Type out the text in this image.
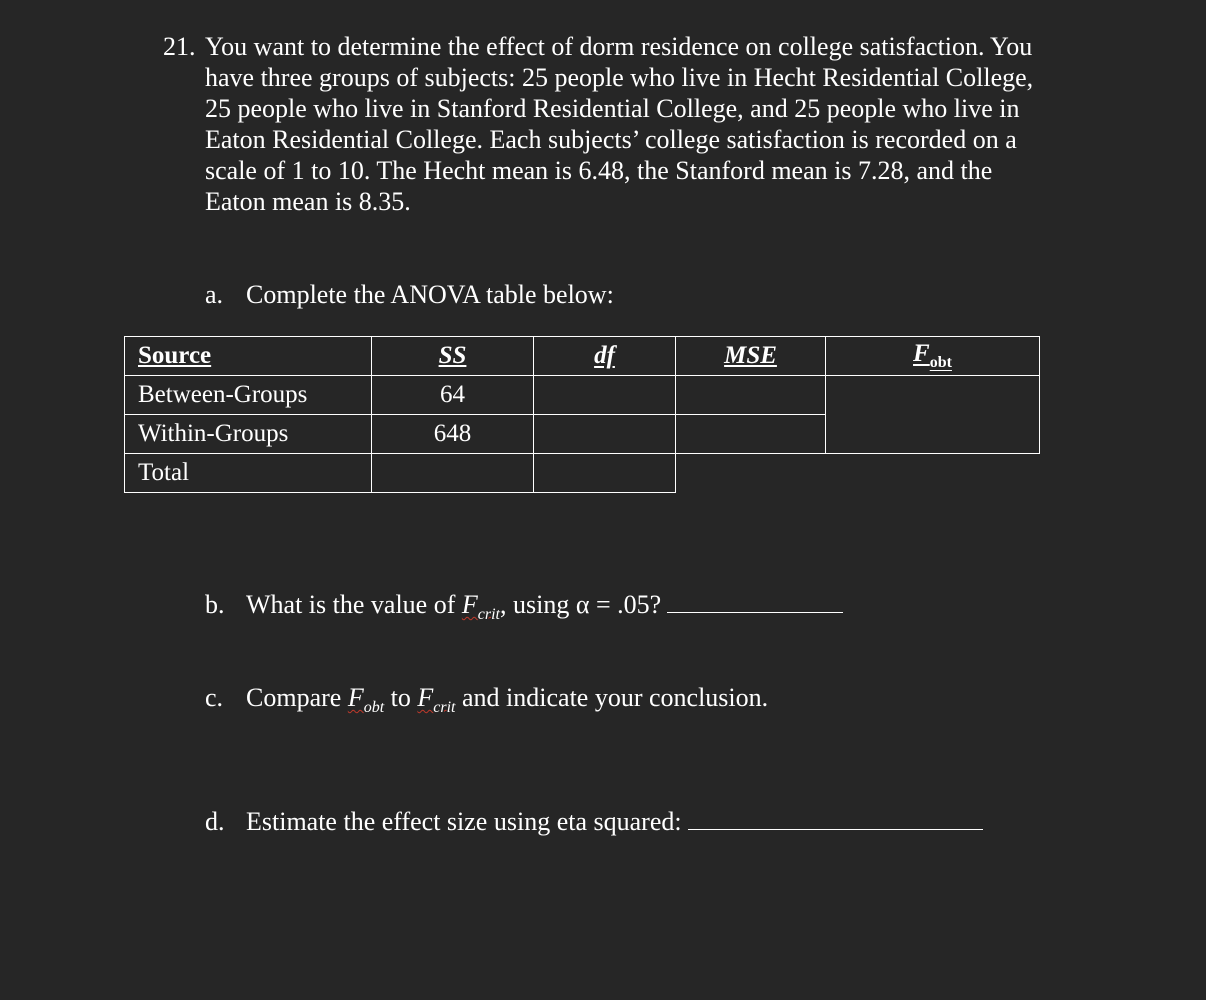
21. You want to determine the effect of dorm residence on college satisfaction. You
have three groups of subjects: 25 people who live in Hecht Residential College,
25 people who live in Stanford Residential College, and 25 people who live in
Eaton Residential College. Each subjects’ college satisfaction is recorded on a
scale of 1 to 10. The Hecht mean is 6.48, the Stanford mean is 7.28, and the
Eaton mean is 8.35.
a. Complete the ANOVA table below:
Source	SS	df	MSE	$F_{obt}$
Between-Groups	64			
Within-Groups	648			
Total				
b. What is the value of $F_{crit}$, using α = .05?
c. Compare $F_{obt}$ to $F_{crit}$ and indicate your conclusion.
d. Estimate the effect size using eta squared:
